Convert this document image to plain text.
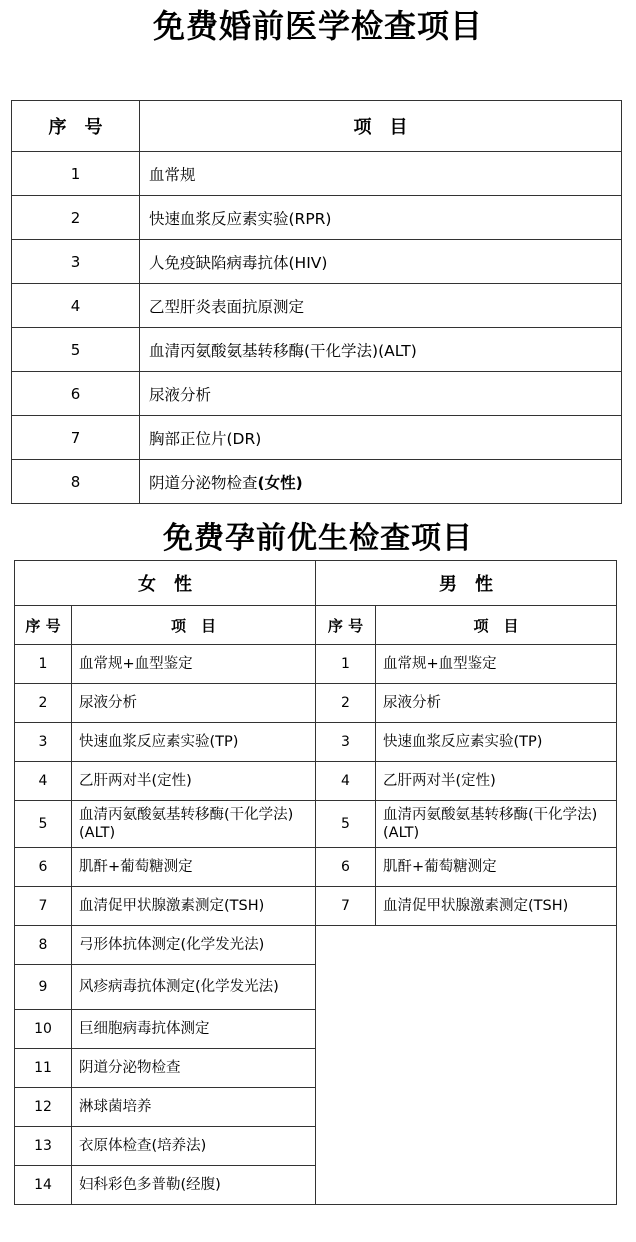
免费婚前医学检查项目
序　号	项　目
1	血常规
2	快速血浆反应素实验(RPR)
3	人免疫缺陷病毒抗体(HIV)
4	乙型肝炎表面抗原测定
5	血清丙氨酸氨基转移酶(干化学法)(ALT)
6	尿液分析
7	胸部正位片(DR)
8	阴道分泌物检查(女性)
免费孕前优生检查项目
女　性		男　性	
序 号	项　目	序 号	项　目
1	血常规+血型鉴定	1	血常规+血型鉴定
2	尿液分析	2	尿液分析
3	快速血浆反应素实验(TP)	3	快速血浆反应素实验(TP)
4	乙肝两对半(定性)	4	乙肝两对半(定性)
5	血清丙氨酸氨基转移酶(干化学法)(ALT)	5	血清丙氨酸氨基转移酶(干化学法)(ALT)
6	肌酐+葡萄糖测定	6	肌酐+葡萄糖测定
7	血清促甲状腺激素测定(TSH)	7	血清促甲状腺激素测定(TSH)
8	弓形体抗体测定(化学发光法)		
9	风疹病毒抗体测定(化学发光法)		
10	巨细胞病毒抗体测定		
11	阴道分泌物检查		
12	淋球菌培养		
13	衣原体检查(培养法)		
14	妇科彩色多普勒(经腹)		
